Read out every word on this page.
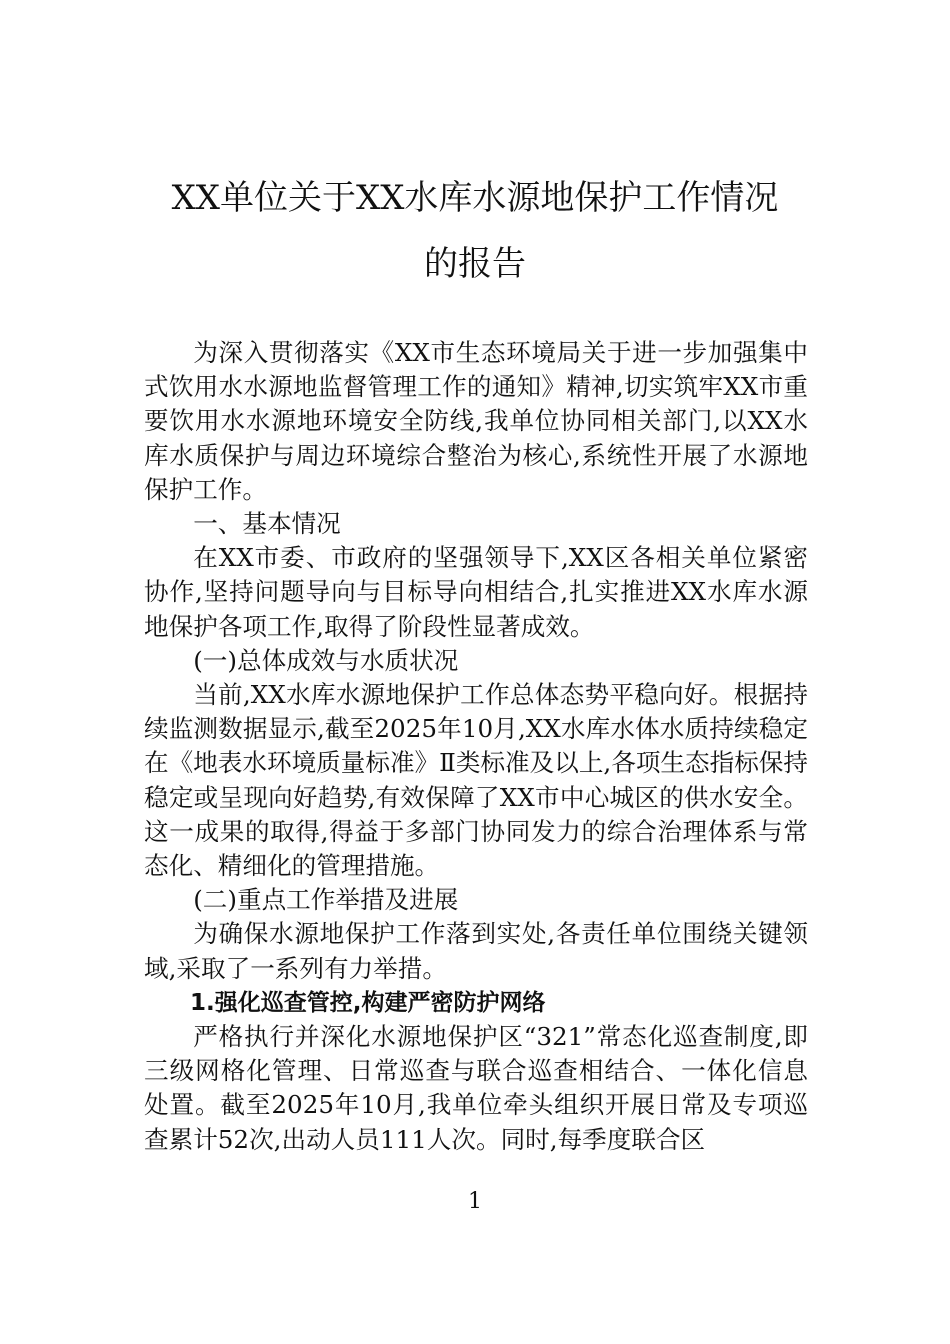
XX单位关于XX水库水源地保护工作情况
的报告

为深入贯彻落实《XX市生态环境局关于进一步加强集中式饮用水水源地监督管理工作的通知》精神,切实筑牢XX市重要饮用水水源地环境安全防线,我单位协同相关部门,以XX水库水质保护与周边环境综合整治为核心,系统性开展了水源地保护工作。

一、基本情况

在XX市委、市政府的坚强领导下,XX区各相关单位紧密协作,坚持问题导向与目标导向相结合,扎实推进XX水库水源地保护各项工作,取得了阶段性显著成效。

(一)总体成效与水质状况

当前,XX水库水源地保护工作总体态势平稳向好。根据持续监测数据显示,截至2025年10月,XX水库水体水质持续稳定在《地表水环境质量标准》Ⅱ类标准及以上,各项生态指标保持稳定或呈现向好趋势,有效保障了XX市中心城区的供水安全。这一成果的取得,得益于多部门协同发力的综合治理体系与常态化、精细化的管理措施。

(二)重点工作举措及进展

为确保水源地保护工作落到实处,各责任单位围绕关键领域,采取了一系列有力举措。

1.强化巡查管控,构建严密防护网络

严格执行并深化水源地保护区“321”常态化巡查制度,即三级网格化管理、日常巡查与联合巡查相结合、一体化信息处置。截至2025年10月,我单位牵头组织开展日常及专项巡查累计52次,出动人员111人次。同时,每季度联合区

1
